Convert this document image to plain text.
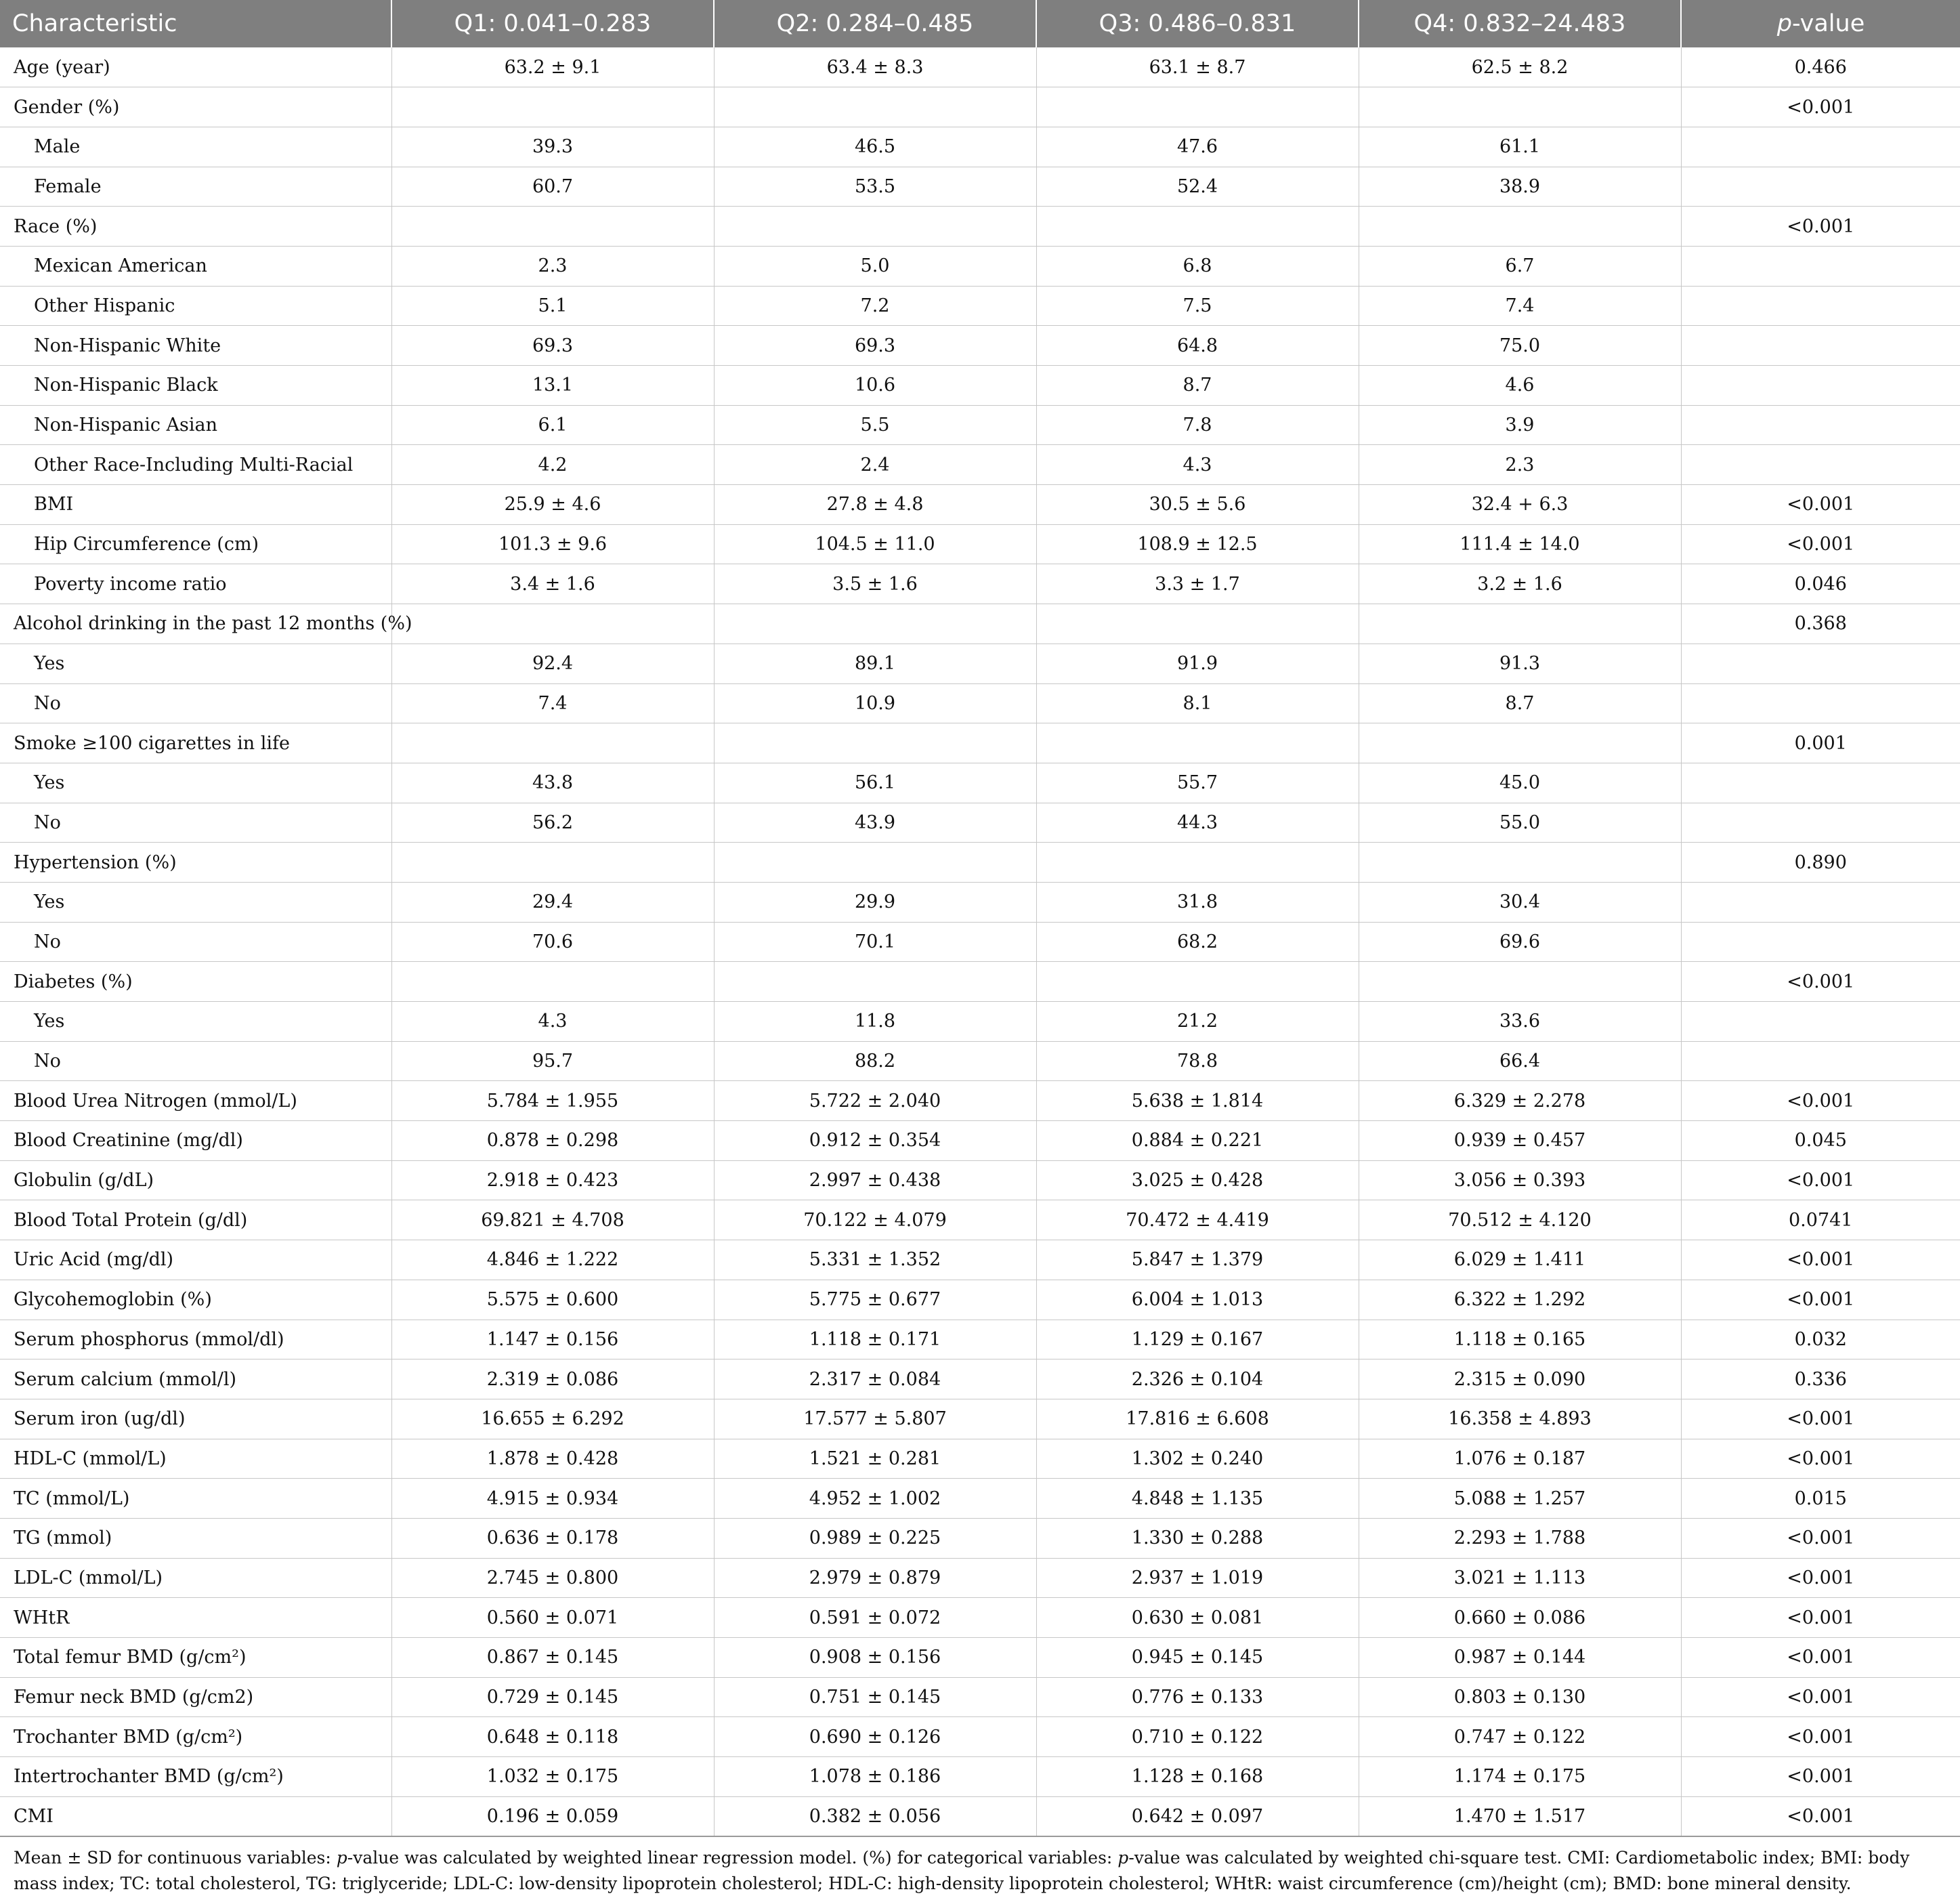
Characteristic	Q1: 0.041–0.283	Q2: 0.284–0.485	Q3: 0.486–0.831	Q4: 0.832–24.483	p-value
Age (year)	63.2 ± 9.1	63.4 ± 8.3	63.1 ± 8.7	62.5 ± 8.2	0.466
Gender (%)					<0.001
Male	39.3	46.5	47.6	61.1	
Female	60.7	53.5	52.4	38.9	
Race (%)					<0.001
Mexican American	2.3	5.0	6.8	6.7	
Other Hispanic	5.1	7.2	7.5	7.4	
Non-Hispanic White	69.3	69.3	64.8	75.0	
Non-Hispanic Black	13.1	10.6	8.7	4.6	
Non-Hispanic Asian	6.1	5.5	7.8	3.9	
Other Race-Including Multi-Racial	4.2	2.4	4.3	2.3	
BMI	25.9 ± 4.6	27.8 ± 4.8	30.5 ± 5.6	32.4 + 6.3	<0.001
Hip Circumference (cm)	101.3 ± 9.6	104.5 ± 11.0	108.9 ± 12.5	111.4 ± 14.0	<0.001
Poverty income ratio	3.4 ± 1.6	3.5 ± 1.6	3.3 ± 1.7	3.2 ± 1.6	0.046
Alcohol drinking in the past 12 months (%)					0.368
Yes	92.4	89.1	91.9	91.3	
No	7.4	10.9	8.1	8.7	
Smoke ≥100 cigarettes in life					0.001
Yes	43.8	56.1	55.7	45.0	
No	56.2	43.9	44.3	55.0	
Hypertension (%)					0.890
Yes	29.4	29.9	31.8	30.4	
No	70.6	70.1	68.2	69.6	
Diabetes (%)					<0.001
Yes	4.3	11.8	21.2	33.6	
No	95.7	88.2	78.8	66.4	
Blood Urea Nitrogen (mmol/L)	5.784 ± 1.955	5.722 ± 2.040	5.638 ± 1.814	6.329 ± 2.278	<0.001
Blood Creatinine (mg/dl)	0.878 ± 0.298	0.912 ± 0.354	0.884 ± 0.221	0.939 ± 0.457	0.045
Globulin (g/dL)	2.918 ± 0.423	2.997 ± 0.438	3.025 ± 0.428	3.056 ± 0.393	<0.001
Blood Total Protein (g/dl)	69.821 ± 4.708	70.122 ± 4.079	70.472 ± 4.419	70.512 ± 4.120	0.0741
Uric Acid (mg/dl)	4.846 ± 1.222	5.331 ± 1.352	5.847 ± 1.379	6.029 ± 1.411	<0.001
Glycohemoglobin (%)	5.575 ± 0.600	5.775 ± 0.677	6.004 ± 1.013	6.322 ± 1.292	<0.001
Serum phosphorus (mmol/dl)	1.147 ± 0.156	1.118 ± 0.171	1.129 ± 0.167	1.118 ± 0.165	0.032
Serum calcium (mmol/l)	2.319 ± 0.086	2.317 ± 0.084	2.326 ± 0.104	2.315 ± 0.090	0.336
Serum iron (ug/dl)	16.655 ± 6.292	17.577 ± 5.807	17.816 ± 6.608	16.358 ± 4.893	<0.001
HDL-C (mmol/L)	1.878 ± 0.428	1.521 ± 0.281	1.302 ± 0.240	1.076 ± 0.187	<0.001
TC (mmol/L)	4.915 ± 0.934	4.952 ± 1.002	4.848 ± 1.135	5.088 ± 1.257	0.015
TG (mmol)	0.636 ± 0.178	0.989 ± 0.225	1.330 ± 0.288	2.293 ± 1.788	<0.001
LDL-C (mmol/L)	2.745 ± 0.800	2.979 ± 0.879	2.937 ± 1.019	3.021 ± 1.113	<0.001
WHtR	0.560 ± 0.071	0.591 ± 0.072	0.630 ± 0.081	0.660 ± 0.086	<0.001
Total femur BMD (g/cm²)	0.867 ± 0.145	0.908 ± 0.156	0.945 ± 0.145	0.987 ± 0.144	<0.001
Femur neck BMD (g/cm2)	0.729 ± 0.145	0.751 ± 0.145	0.776 ± 0.133	0.803 ± 0.130	<0.001
Trochanter BMD (g/cm²)	0.648 ± 0.118	0.690 ± 0.126	0.710 ± 0.122	0.747 ± 0.122	<0.001
Intertrochanter BMD (g/cm²)	1.032 ± 0.175	1.078 ± 0.186	1.128 ± 0.168	1.174 ± 0.175	<0.001
CMI	0.196 ± 0.059	0.382 ± 0.056	0.642 ± 0.097	1.470 ± 1.517	<0.001
Mean ± SD for continuous variables: p-value was calculated by weighted linear regression model. (%) for categorical variables: p-value was calculated by weighted chi-square test. CMI: Cardiometabolic index; BMI: body mass index; TC: total cholesterol, TG: triglyceride; LDL-C: low-density lipoprotein cholesterol; HDL-C: high-density lipoprotein cholesterol; WHtR: waist circumference (cm)/height (cm); BMD: bone mineral density.
